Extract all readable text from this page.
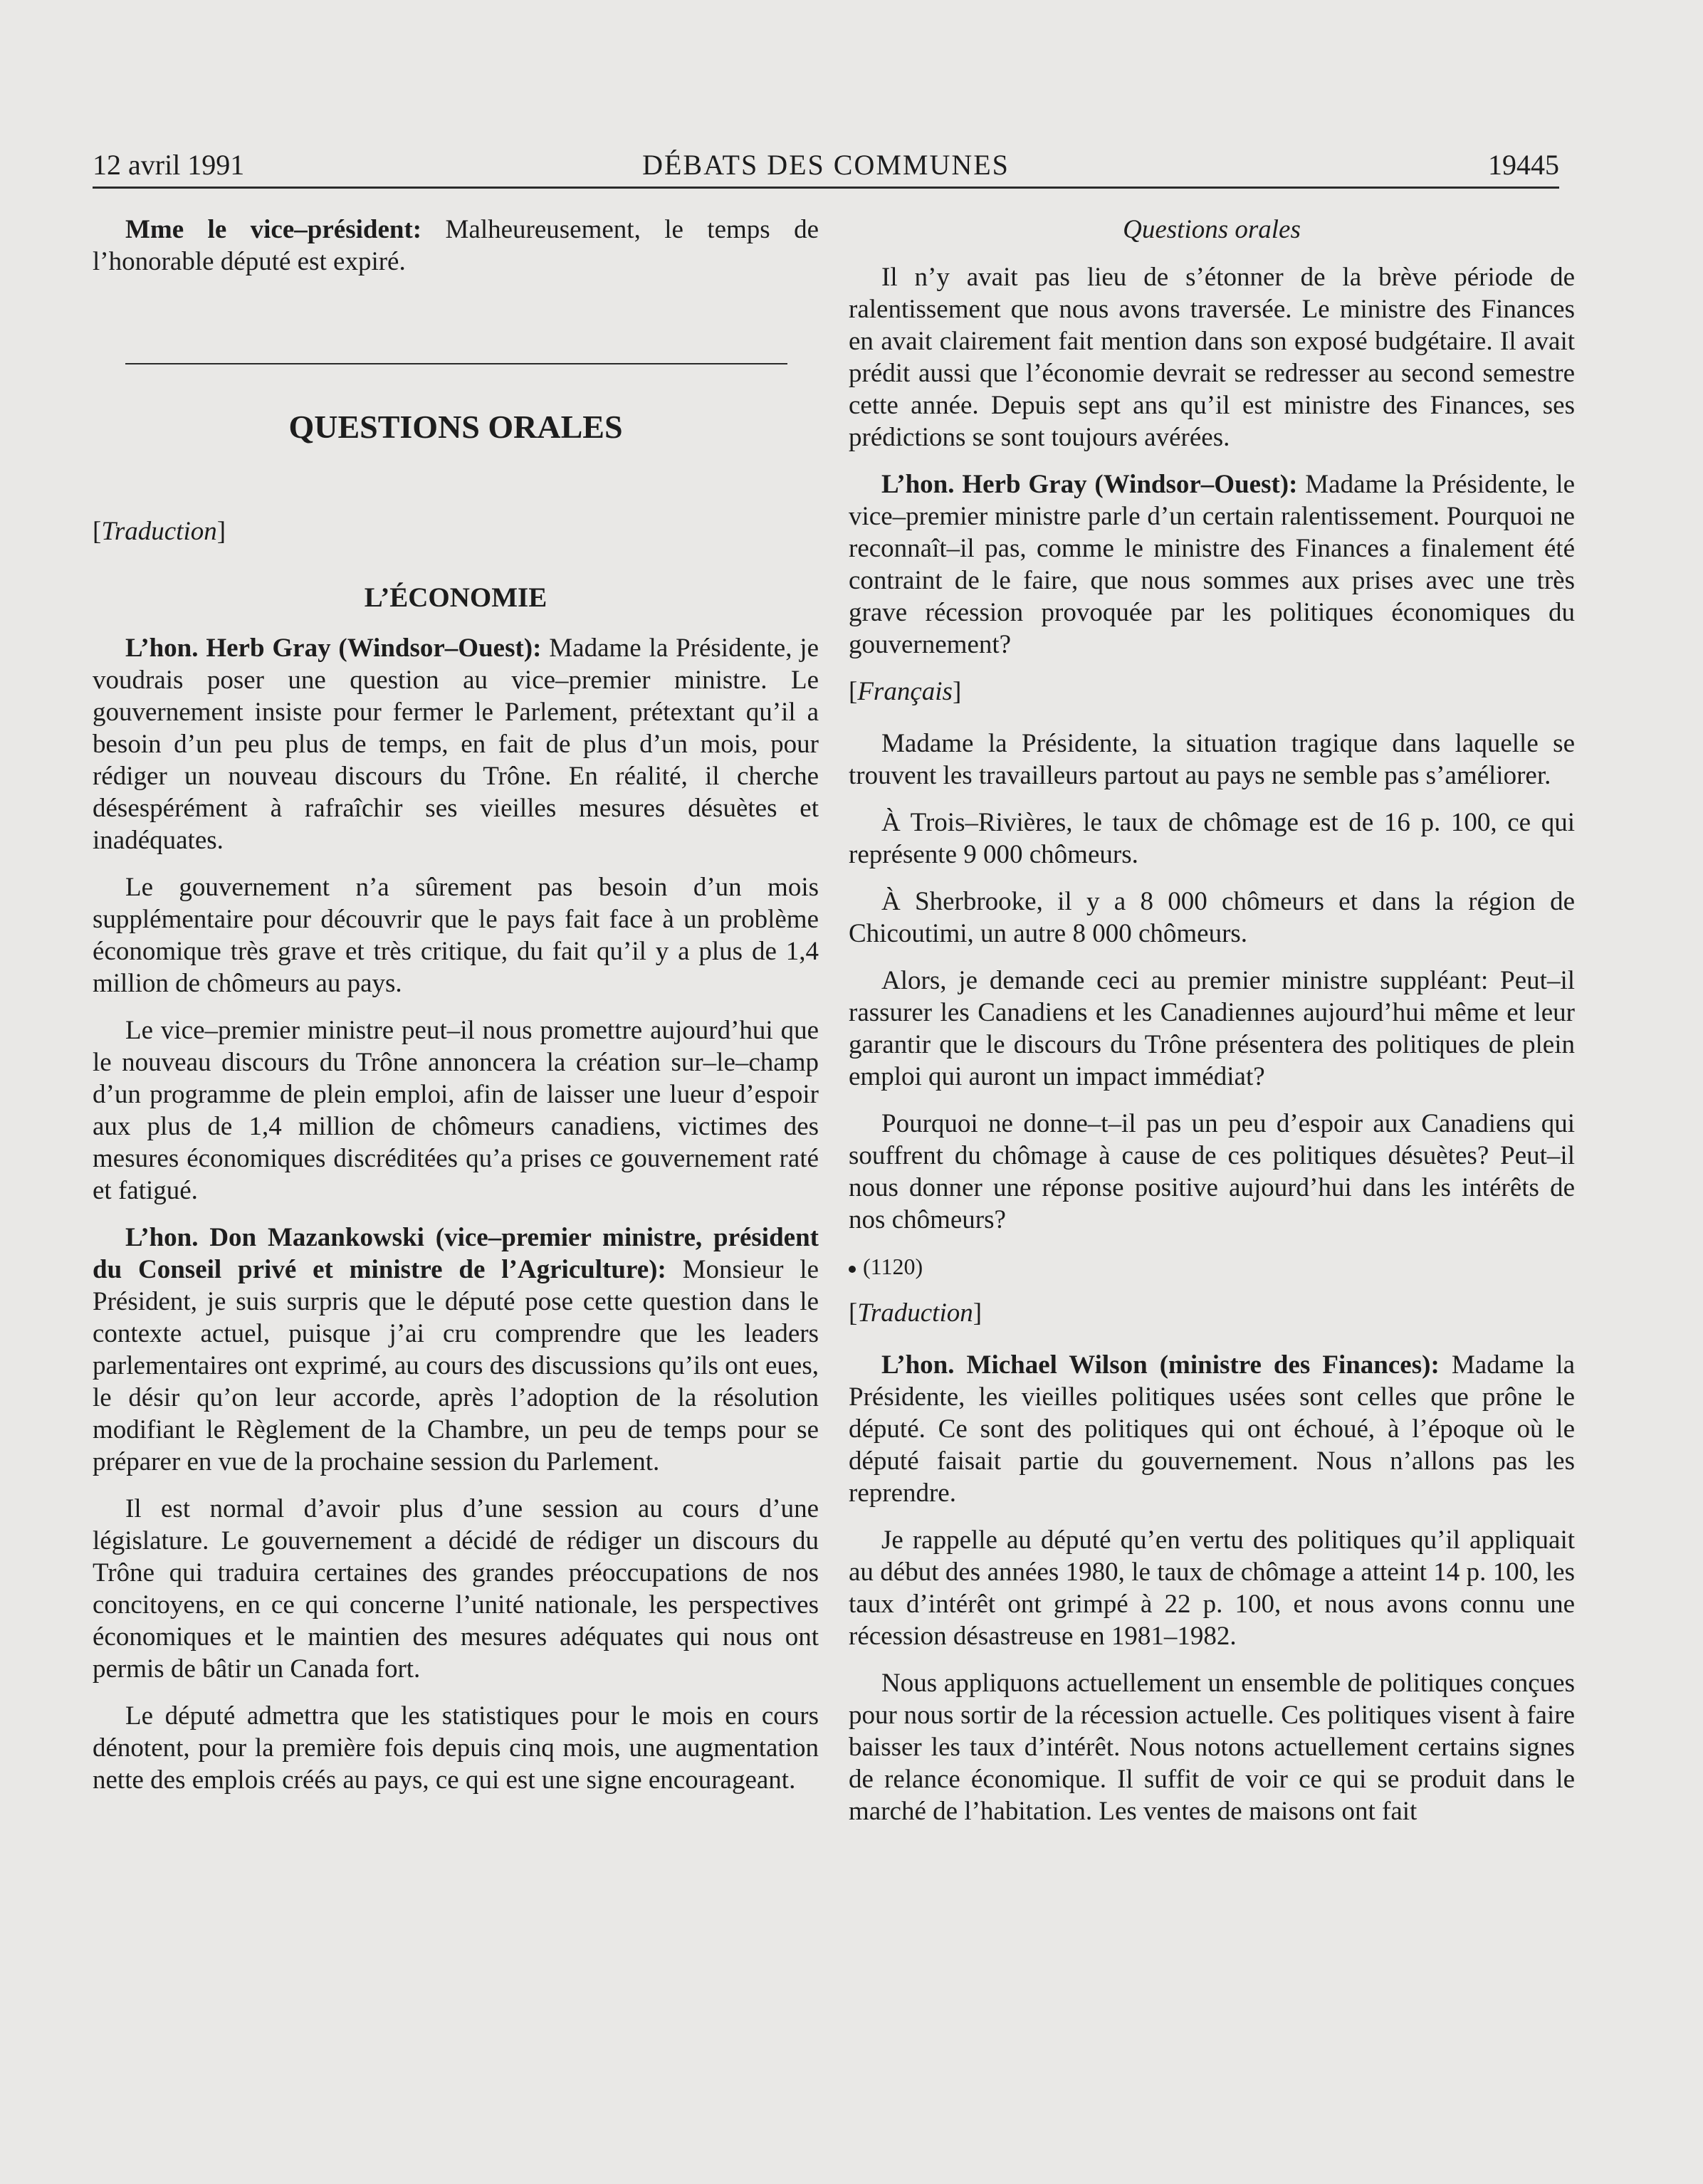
12 avril 1991	DÉBATS DES COMMUNES	19445

Mme le vice–président: Malheureusement, le temps de l’honorable député est expiré.

QUESTIONS ORALES

[Traduction]

L’ÉCONOMIE

L’hon. Herb Gray (Windsor–Ouest): Madame la Présidente, je voudrais poser une question au vice–premier ministre. Le gouvernement insiste pour fermer le Parlement, prétextant qu’il a besoin d’un peu plus de temps, en fait de plus d’un mois, pour rédiger un nouveau discours du Trône. En réalité, il cherche désespérément à rafraîchir ses vieilles mesures désuètes et inadéquates.

Le gouvernement n’a sûrement pas besoin d’un mois supplémentaire pour découvrir que le pays fait face à un problème économique très grave et très critique, du fait qu’il y a plus de 1,4 million de chômeurs au pays.

Le vice–premier ministre peut–il nous promettre aujourd’hui que le nouveau discours du Trône annoncera la création sur–le–champ d’un programme de plein emploi, afin de laisser une lueur d’espoir aux plus de 1,4 million de chômeurs canadiens, victimes des mesures économiques discréditées qu’a prises ce gouvernement raté et fatigué.

L’hon. Don Mazankowski (vice–premier ministre, président du Conseil privé et ministre de l’Agriculture): Monsieur le Président, je suis surpris que le député pose cette question dans le contexte actuel, puisque j’ai cru comprendre que les leaders parlementaires ont exprimé, au cours des discussions qu’ils ont eues, le désir qu’on leur accorde, après l’adoption de la résolution modifiant le Règlement de la Chambre, un peu de temps pour se préparer en vue de la prochaine session du Parlement.

Il est normal d’avoir plus d’une session au cours d’une législature. Le gouvernement a décidé de rédiger un discours du Trône qui traduira certaines des grandes préoccupations de nos concitoyens, en ce qui concerne l’unité nationale, les perspectives économiques et le maintien des mesures adéquates qui nous ont permis de bâtir un Canada fort.

Le député admettra que les statistiques pour le mois en cours dénotent, pour la première fois depuis cinq mois, une augmentation nette des emplois créés au pays, ce qui est une signe encourageant.

Questions orales

Il n’y avait pas lieu de s’étonner de la brève période de ralentissement que nous avons traversée. Le ministre des Finances en avait clairement fait mention dans son exposé budgétaire. Il avait prédit aussi que l’économie devrait se redresser au second semestre cette année. Depuis sept ans qu’il est ministre des Finances, ses prédictions se sont toujours avérées.

L’hon. Herb Gray (Windsor–Ouest): Madame la Présidente, le vice–premier ministre parle d’un certain ralentissement. Pourquoi ne reconnaît–il pas, comme le ministre des Finances a finalement été contraint de le faire, que nous sommes aux prises avec une très grave récession provoquée par les politiques économiques du gouvernement?

[Français]

Madame la Présidente, la situation tragique dans laquelle se trouvent les travailleurs partout au pays ne semble pas s’améliorer.

À Trois–Rivières, le taux de chômage est de 16 p. 100, ce qui représente 9 000 chômeurs.

À Sherbrooke, il y a 8 000 chômeurs et dans la région de Chicoutimi, un autre 8 000 chômeurs.

Alors, je demande ceci au premier ministre suppléant: Peut–il rassurer les Canadiens et les Canadiennes aujourd’hui même et leur garantir que le discours du Trône présentera des politiques de plein emploi qui auront un impact immédiat?

Pourquoi ne donne–t–il pas un peu d’espoir aux Canadiens qui souffrent du chômage à cause de ces politiques désuètes? Peut–il nous donner une réponse positive aujourd’hui dans les intérêts de nos chômeurs?

(1120)

[Traduction]

L’hon. Michael Wilson (ministre des Finances): Madame la Présidente, les vieilles politiques usées sont celles que prône le député. Ce sont des politiques qui ont échoué, à l’époque où le député faisait partie du gouvernement. Nous n’allons pas les reprendre.

Je rappelle au député qu’en vertu des politiques qu’il appliquait au début des années 1980, le taux de chômage a atteint 14 p. 100, les taux d’intérêt ont grimpé à 22 p. 100, et nous avons connu une récession désastreuse en 1981–1982.

Nous appliquons actuellement un ensemble de politiques conçues pour nous sortir de la récession actuelle. Ces politiques visent à faire baisser les taux d’intérêt. Nous notons actuellement certains signes de relance économique. Il suffit de voir ce qui se produit dans le marché de l’habitation. Les ventes de maisons ont fait
